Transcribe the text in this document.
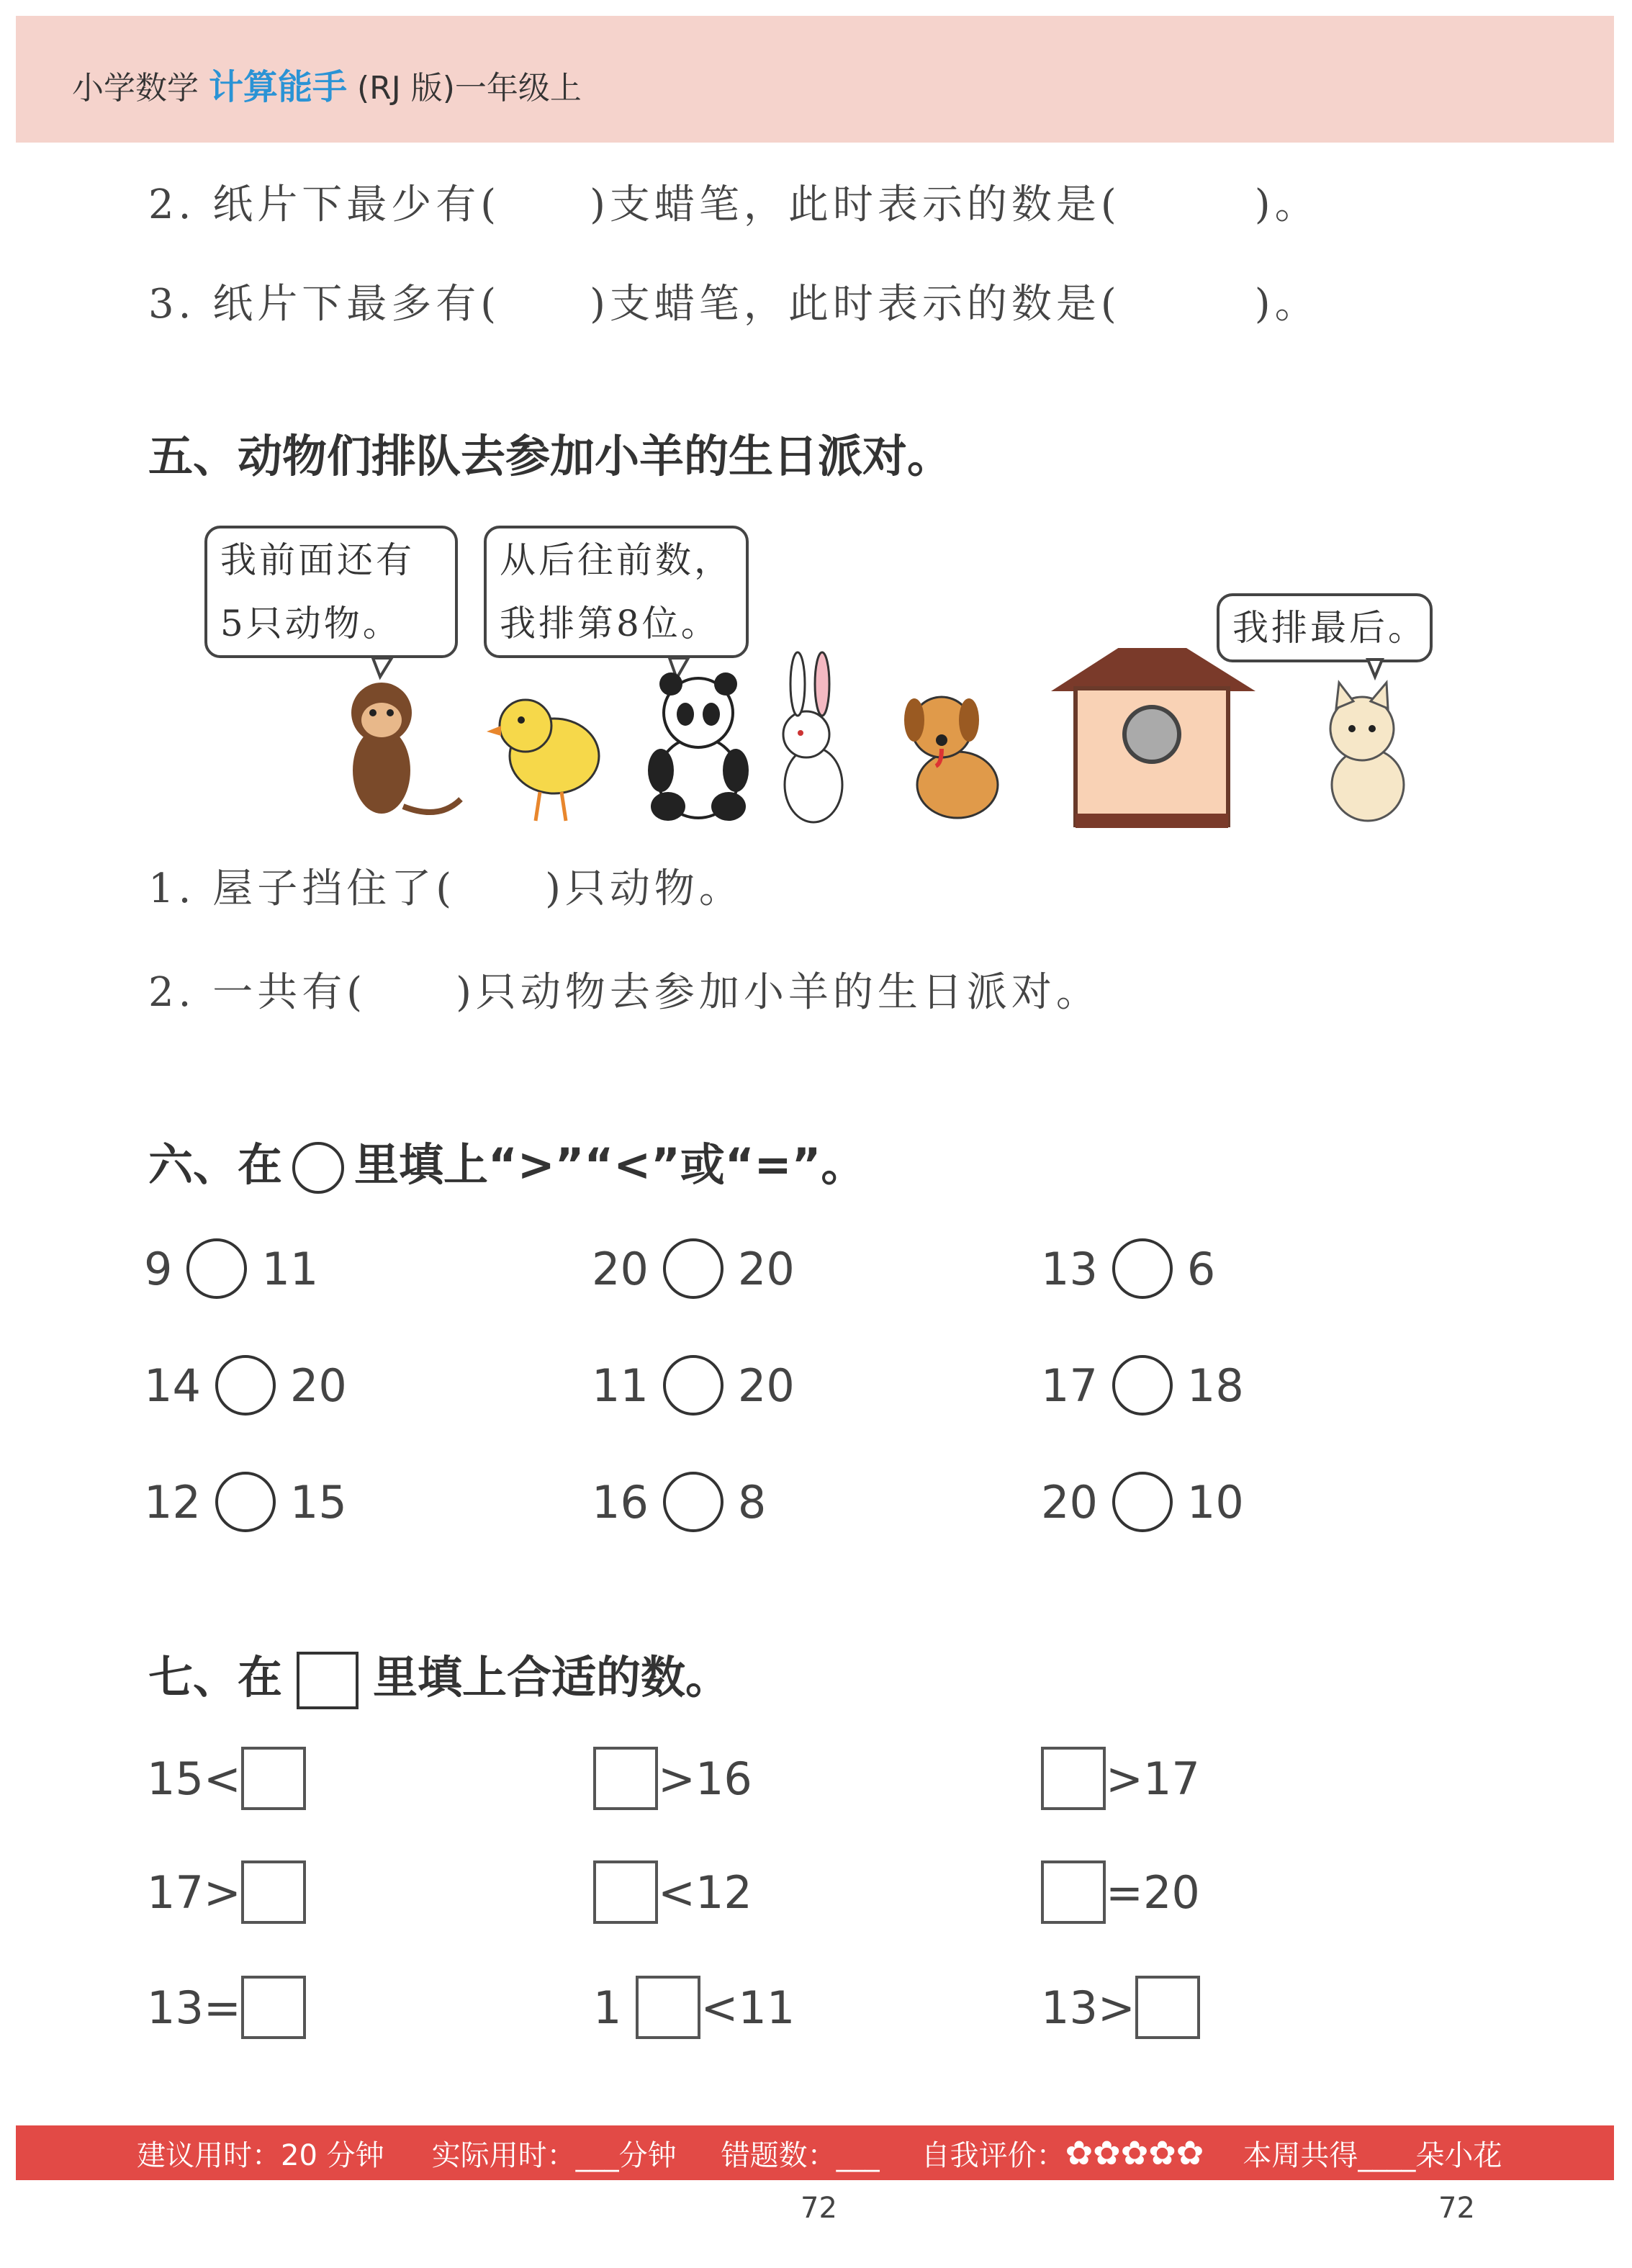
小学数学 计算能手 (RJ 版)一年级上
2. 纸片下最少有(　　)支蜡笔，此时表示的数是(　　　)。
3. 纸片下最多有(　　)支蜡笔，此时表示的数是(　　　)。
五、动物们排队去参加小羊的生日派对。
我前面还有
5只动物。
从后往前数，
我排第8位。	我排最后。
1. 屋子挡住了(　　)只动物。
2. 一共有(　　)只动物去参加小羊的生日派对。
六、在 里填上“>”“<”或“=”。
9 11	20 20	13 6
14 20	11 20	17 18
12 15	16 8	20 10
七、在 里填上合适的数。
15<	>16	>17
17>	<12	=20
13=	1 <11	13>
建议用时：20 分钟 实际用时：___分钟 错题数：___ 自我评价： ✿✿✿✿✿ 本周共得____朵小花
72	72
